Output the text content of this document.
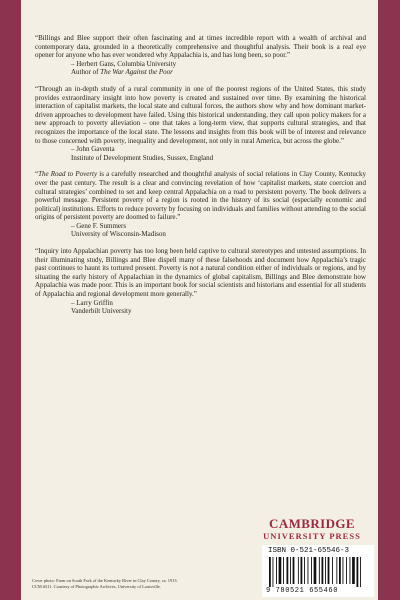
“Billings and Blee support their often fascinating and at times incredible report with a wealth of archival and contemporary data, grounded in a theoretically comprehensive and thoughtful analysis. Their book is a real eye opener for anyone who has ever wondered why Appalachia is, and has long been, so poor.”

– Herbert Gans, Columbia University
Author of The War Against the Poor

“Through an in-depth study of a rural community in one of the poorest regions of the United States, this study provides extraordinary insight into how poverty is created and sustained over time. By examining the historical interaction of capitalist markets, the local state and cultural forces, the authors show why and how dominant market-driven approaches to development have failed. Using this historical understanding, they call upon policy makers for a new approach to poverty alleviation – one that takes a long-term view, that supports cultural strategies, and that recognizes the importance of the local state. The lessons and insights from this book will be of interest and relevance to those concerned with poverty, inequality and development, not only in rural America, but across the globe.”

– John Gaventa
Institute of Development Studies, Sussex, England

“The Road to Poverty is a carefully researched and thoughtful analysis of social relations in Clay County, Kentucky over the past century. The result is a clear and convincing revelation of how ‘capitalist markets, state coercion and cultural strategies’ combined to set and keep central Appalachia on a road to persistent poverty. The book delivers a powerful message. Persistent poverty of a region is rooted in the history of its social (especially economic and political) institutions. Efforts to reduce poverty by focusing on individuals and families without attending to the social origins of persistent poverty are doomed to failure.”

– Gene F. Summers
University of Wisconsin-Madison

“Inquiry into Appalachian poverty has too long been held captive to cultural stereotypes and untested assumptions. In their illuminating study, Billings and Blee dispell many of these falsehoods and document how Appalachia’s tragic past continues to haunt its tortured present. Poverty is not a natural condition either of individuals or regions, and by situating the early history of Appalachian in the dynamics of global capitalism, Billings and Blee demonstrate how Appalachia was made poor. This is an important book for social scientists and historians and essential for all students of Appalachia and regional development more generally.”

– Larry Griffin
Vanderbilt University
Cover photo: Farm on South Fork of the Kentucky River in Clay County, ca. 1913. CCM #311. Courtesy of Photographic Archives, University of Louisville.
CAMBRIDGE
UNIVERSITY PRESS
ISBN 0-521-65546-3
9 780521 655460
